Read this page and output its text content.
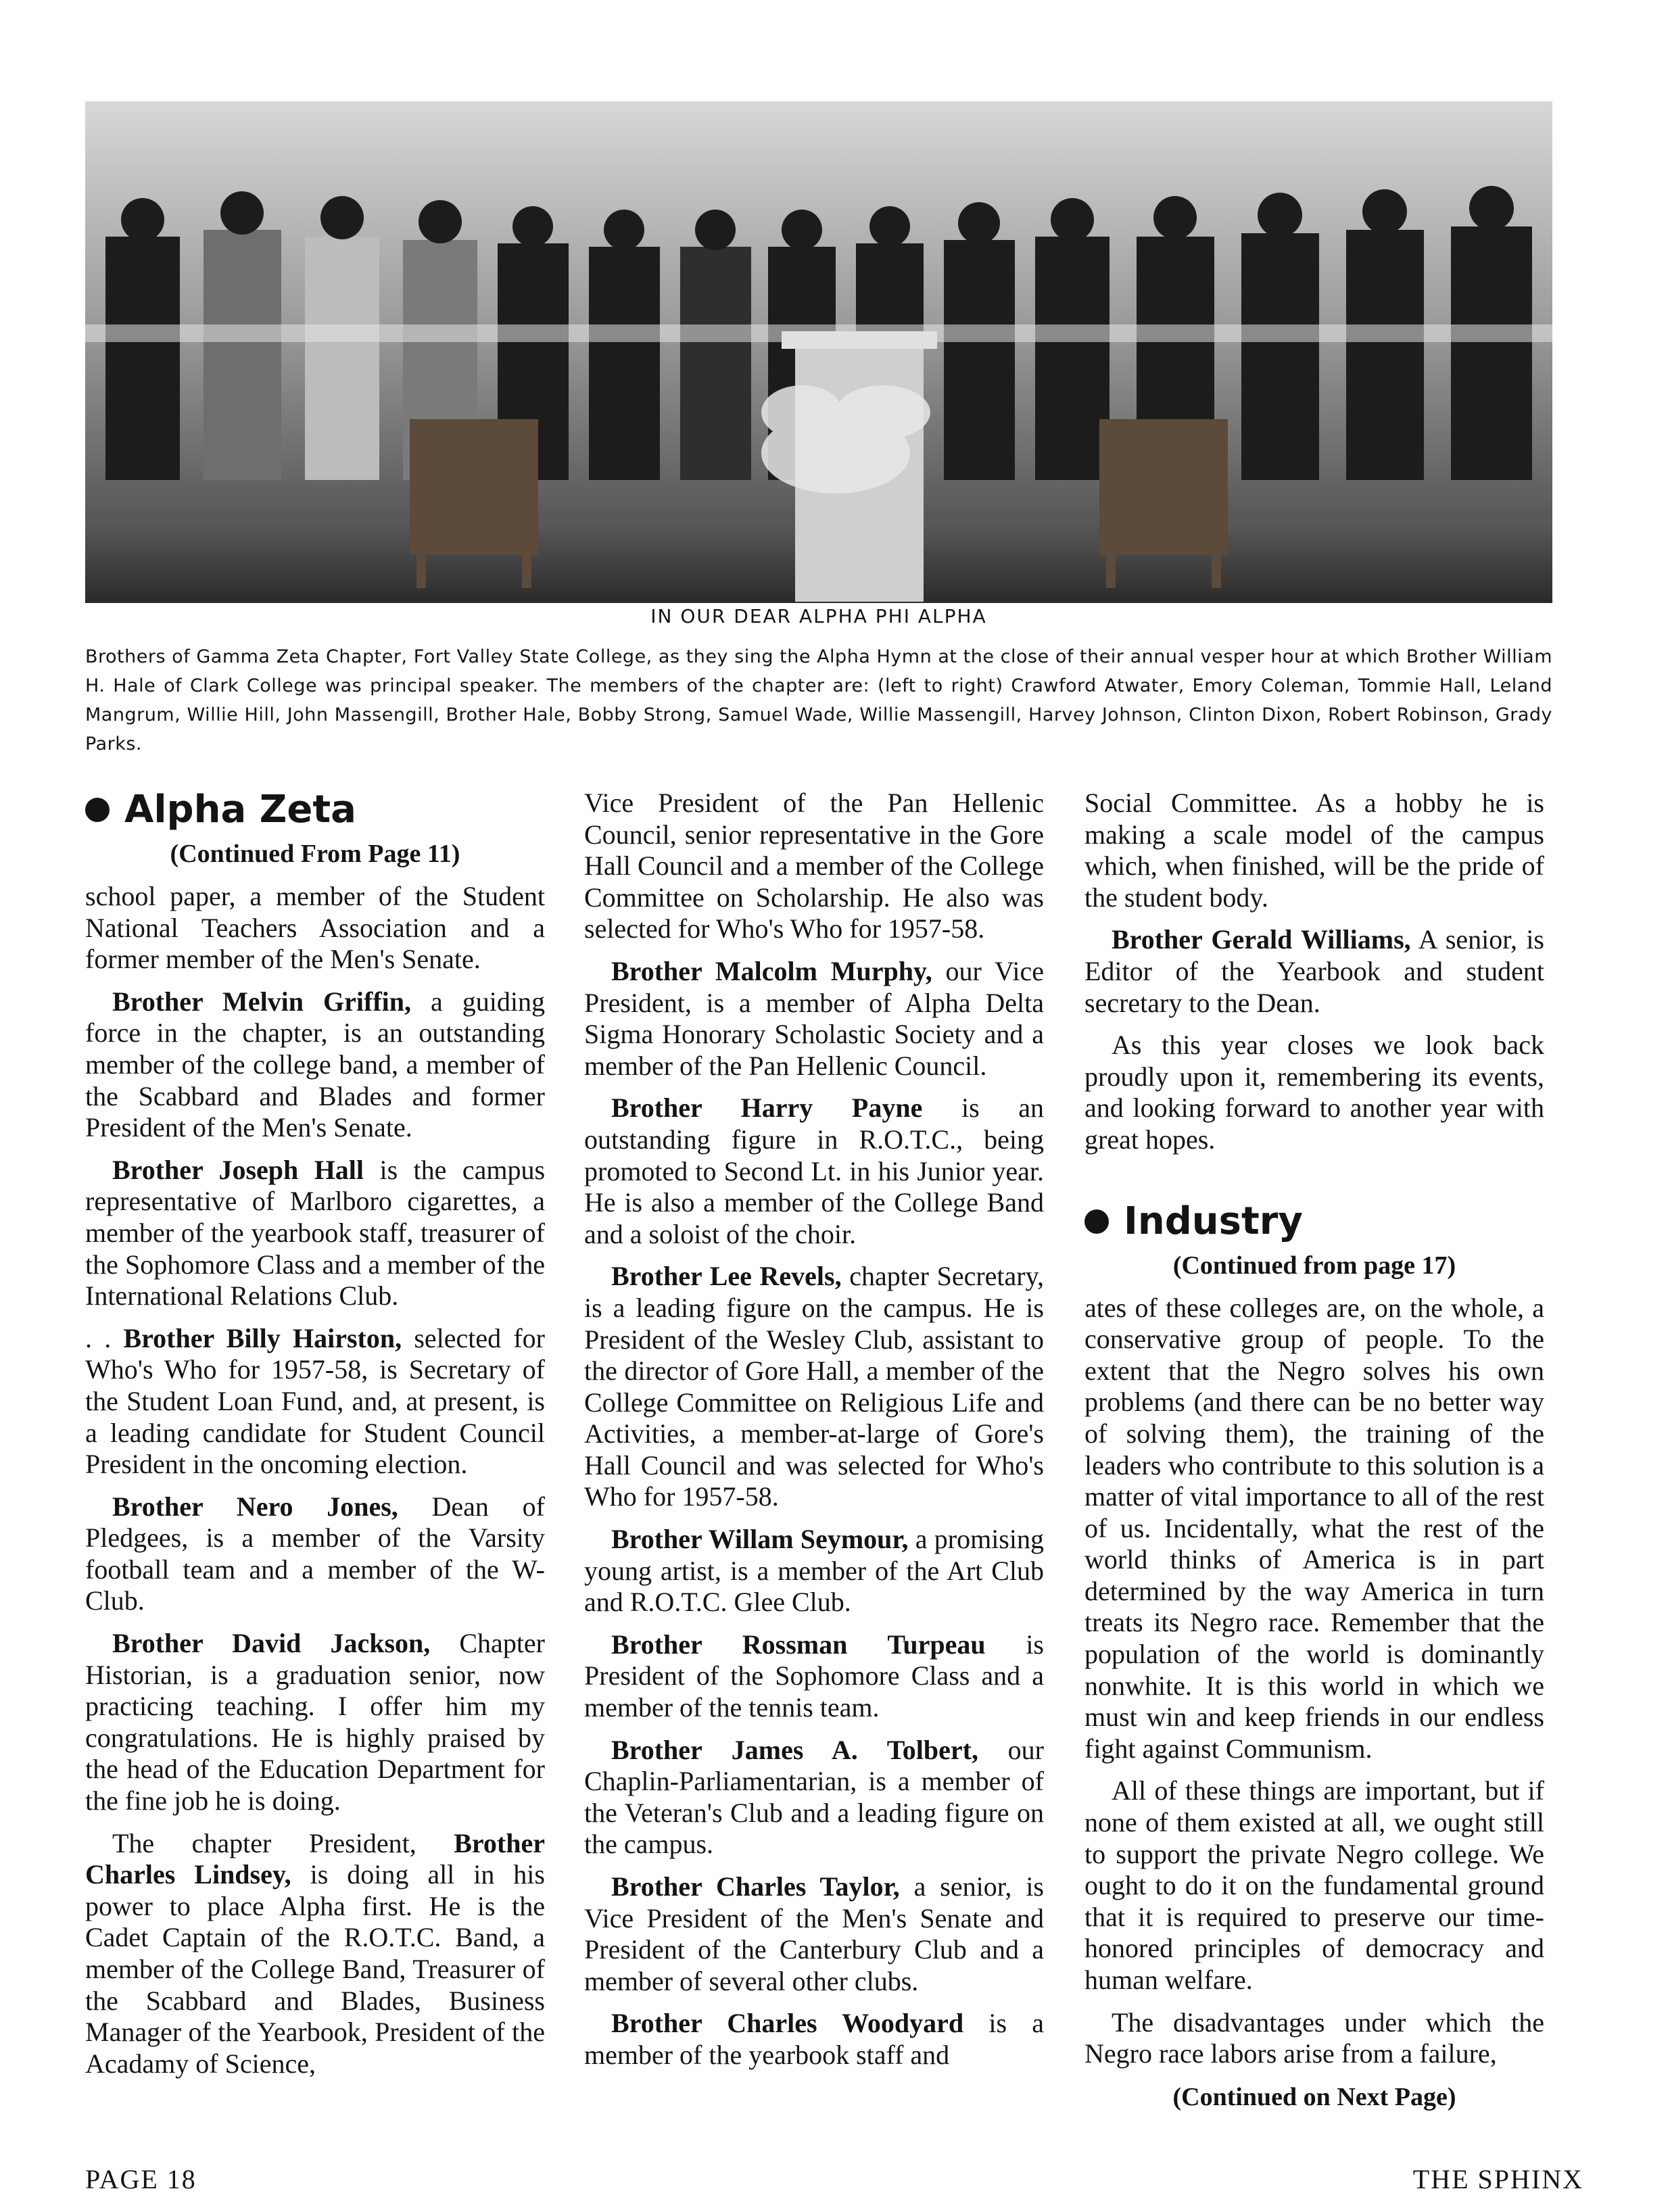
IN OUR DEAR ALPHA PHI ALPHA
Brothers of Gamma Zeta Chapter, Fort Valley State College, as they sing the Alpha Hymn at the close of their annual vesper hour at which Brother William H. Hale of Clark College was principal speaker. The members of the chapter are: (left to right) Crawford Atwater, Emory Coleman, Tommie Hall, Leland Mangrum, Willie Hill, John Massengill, Brother Hale, Bobby Strong, Samuel Wade, Willie Massengill, Harvey Johnson, Clinton Dixon, Robert Robinson, Grady Parks.
Alpha Zeta

(Continued From Page 11)

school paper, a member of the Student National Teachers Association and a former member of the Men's Senate.

Brother Melvin Griffin, a guiding force in the chapter, is an outstanding member of the college band, a member of the Scabbard and Blades and former President of the Men's Senate.

Brother Joseph Hall is the campus representative of Marlboro cigarettes, a member of the yearbook staff, treasurer of the Sophomore Class and a member of the International Relations Club.

. . Brother Billy Hairston, selected for Who's Who for 1957-58, is Secretary of the Student Loan Fund, and, at present, is a leading candidate for Student Council President in the oncoming election.

Brother Nero Jones, Dean of Pledgees, is a member of the Varsity football team and a member of the W-Club.

Brother David Jackson, Chapter Historian, is a graduation senior, now practicing teaching. I offer him my congratulations. He is highly praised by the head of the Education Department for the fine job he is doing.

The chapter President, Brother Charles Lindsey, is doing all in his power to place Alpha first. He is the Cadet Captain of the R.O.T.C. Band, a member of the College Band, Treasurer of the Scabbard and Blades, Business Manager of the Yearbook, President of the Acadamy of Science,

Vice President of the Pan Hellenic Council, senior representative in the Gore Hall Council and a member of the College Committee on Scholarship. He also was selected for Who's Who for 1957-58.

Brother Malcolm Murphy, our Vice President, is a member of Alpha Delta Sigma Honorary Scholastic Society and a member of the Pan Hellenic Council.

Brother Harry Payne is an outstanding figure in R.O.T.C., being promoted to Second Lt. in his Junior year. He is also a member of the College Band and a soloist of the choir.

Brother Lee Revels, chapter Secretary, is a leading figure on the campus. He is President of the Wesley Club, assistant to the director of Gore Hall, a member of the College Committee on Religious Life and Activities, a member-at-large of Gore's Hall Council and was selected for Who's Who for 1957-58.

Brother Willam Seymour, a promising young artist, is a member of the Art Club and R.O.T.C. Glee Club.

Brother Rossman Turpeau is President of the Sophomore Class and a member of the tennis team.

Brother James A. Tolbert, our Chaplin-Parliamentarian, is a member of the Veteran's Club and a leading figure on the campus.

Brother Charles Taylor, a senior, is Vice President of the Men's Senate and President of the Canterbury Club and a member of several other clubs.

Brother Charles Woodyard is a member of the yearbook staff and

Social Committee. As a hobby he is making a scale model of the campus which, when finished, will be the pride of the student body.

Brother Gerald Williams, A senior, is Editor of the Yearbook and student secretary to the Dean.

As this year closes we look back proudly upon it, remembering its events, and looking forward to another year with great hopes.

Industry

(Continued from page 17)

ates of these colleges are, on the whole, a conservative group of people. To the extent that the Negro solves his own problems (and there can be no better way of solving them), the training of the leaders who contribute to this solution is a matter of vital importance to all of the rest of us. Incidentally, what the rest of the world thinks of America is in part determined by the way America in turn treats its Negro race. Remember that the population of the world is dominantly nonwhite. It is this world in which we must win and keep friends in our endless fight against Communism.

All of these things are important, but if none of them existed at all, we ought still to support the private Negro college. We ought to do it on the fundamental ground that it is required to preserve our time-honored principles of democracy and human welfare.

The disadvantages under which the Negro race labors arise from a failure,

(Continued on Next Page)

PAGE 18	THE SPHINX
